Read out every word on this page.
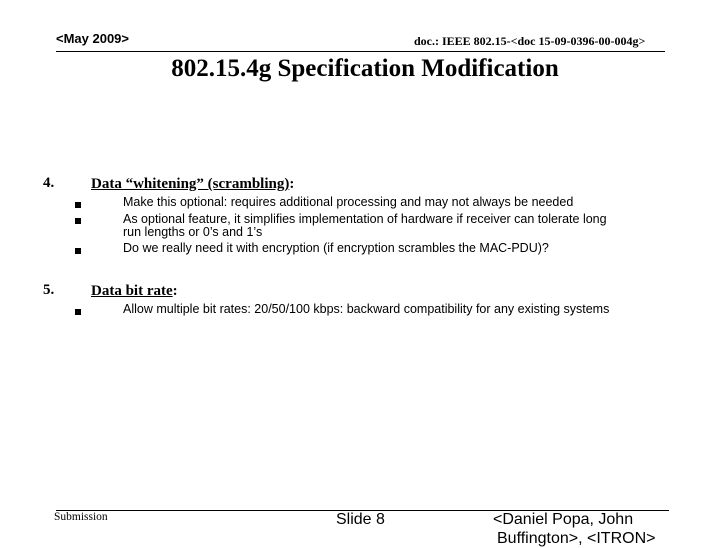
<May 2009>	doc.: IEEE 802.15-<doc 15-09-0396-00-004g>
802.15.4g Specification Modification
4. Data “whitening” (scrambling):
Make this optional: requires additional processing and may not always be needed
As optional feature, it simplifies implementation of hardware if receiver can tolerate long
run lengths or 0’s and 1’s
Do we really need it with encryption (if encryption scrambles the MAC-PDU)?
5. Data bit rate:
Allow multiple bit rates: 20/50/100 kbps: backward compatibility for any existing systems
Submission	Slide 8	<Daniel Popa, John
Buffington>, <ITRON>
